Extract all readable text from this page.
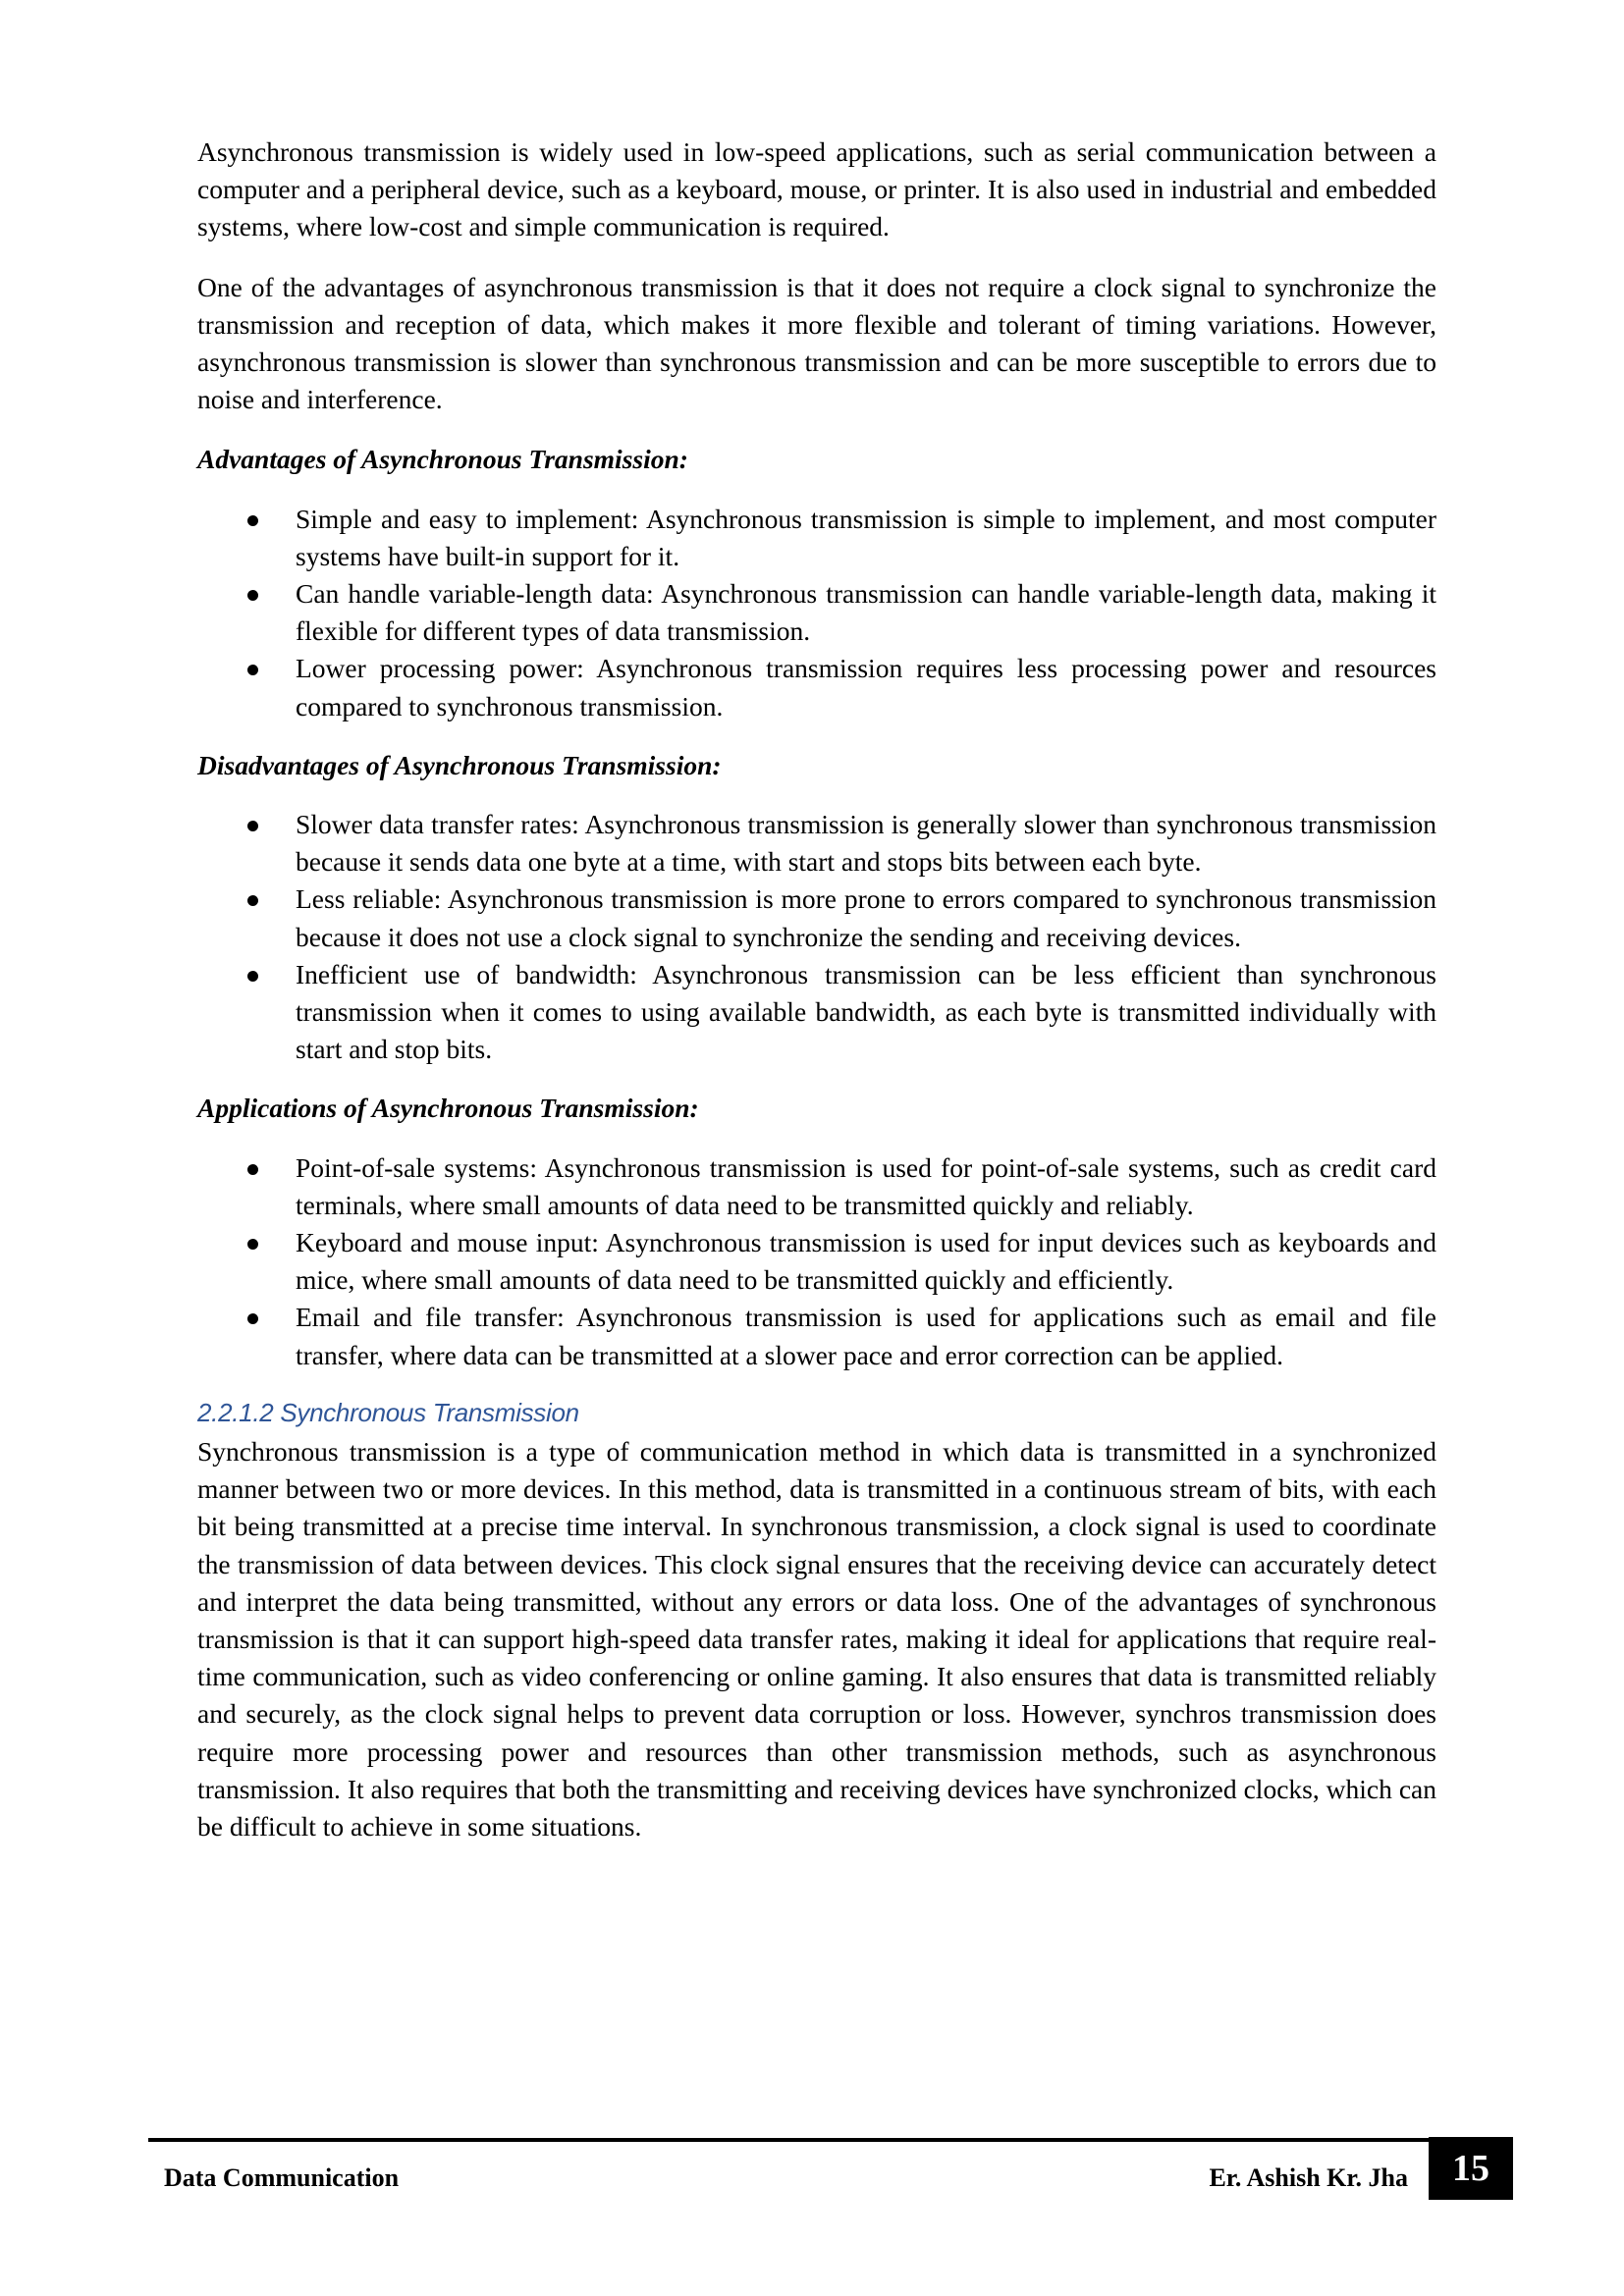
Asynchronous transmission is widely used in low-speed applications, such as serial communication between a computer and a peripheral device, such as a keyboard, mouse, or printer. It is also used in industrial and embedded systems, where low-cost and simple communication is required.

One of the advantages of asynchronous transmission is that it does not require a clock signal to synchronize the transmission and reception of data, which makes it more flexible and tolerant of timing variations. However, asynchronous transmission is slower than synchronous transmission and can be more susceptible to errors due to noise and interference.

Advantages of Asynchronous Transmission:

Simple and easy to implement: Asynchronous transmission is simple to implement, and most computer systems have built-in support for it.
Can handle variable-length data: Asynchronous transmission can handle variable-length data, making it flexible for different types of data transmission.
Lower processing power: Asynchronous transmission requires less processing power and resources compared to synchronous transmission.

Disadvantages of Asynchronous Transmission:

Slower data transfer rates: Asynchronous transmission is generally slower than synchronous transmission because it sends data one byte at a time, with start and stops bits between each byte.
Less reliable: Asynchronous transmission is more prone to errors compared to synchronous transmission because it does not use a clock signal to synchronize the sending and receiving devices.
Inefficient use of bandwidth: Asynchronous transmission can be less efficient than synchronous transmission when it comes to using available bandwidth, as each byte is transmitted individually with start and stop bits.

Applications of Asynchronous Transmission:

Point-of-sale systems: Asynchronous transmission is used for point-of-sale systems, such as credit card terminals, where small amounts of data need to be transmitted quickly and reliably.
Keyboard and mouse input: Asynchronous transmission is used for input devices such as keyboards and mice, where small amounts of data need to be transmitted quickly and efficiently.
Email and file transfer: Asynchronous transmission is used for applications such as email and file transfer, where data can be transmitted at a slower pace and error correction can be applied.
2.2.1.2 Synchronous Transmission

Synchronous transmission is a type of communication method in which data is transmitted in a synchronized manner between two or more devices. In this method, data is transmitted in a continuous stream of bits, with each bit being transmitted at a precise time interval. In synchronous transmission, a clock signal is used to coordinate the transmission of data between devices. This clock signal ensures that the receiving device can accurately detect and interpret the data being transmitted, without any errors or data loss. One of the advantages of synchronous transmission is that it can support high-speed data transfer rates, making it ideal for applications that require real-time communication, such as video conferencing or online gaming. It also ensures that data is transmitted reliably and securely, as the clock signal helps to prevent data corruption or loss. However, synchros transmission does require more processing power and resources than other transmission methods, such as asynchronous transmission. It also requires that both the transmitting and receiving devices have synchronized clocks, which can be difficult to achieve in some situations.

Data Communication	Er. Ashish Kr. Jha	15
